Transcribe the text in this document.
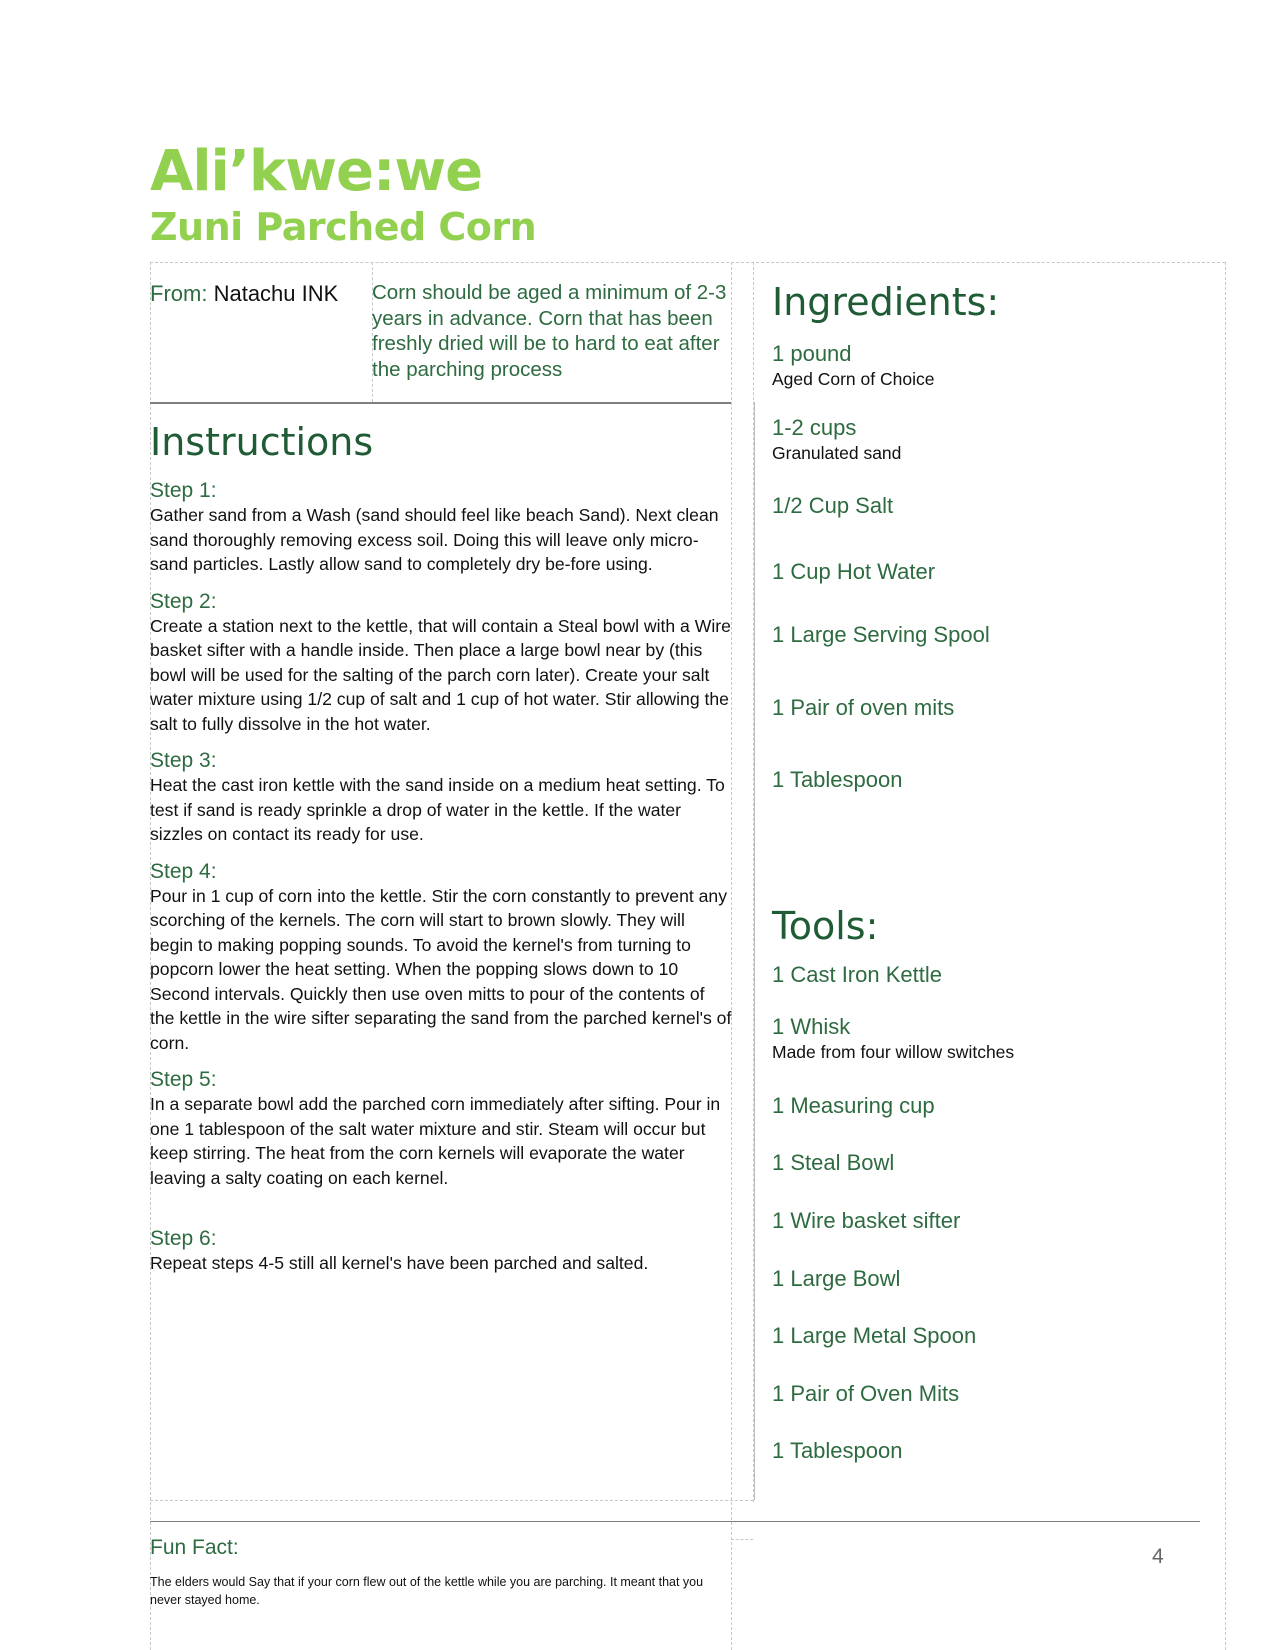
Ali’kwe:we
Zuni Parched Corn
From: Natachu INK Corn should be aged a minimum of 2-3 years in advance. Corn that has been freshly dried will be to hard to eat after the parching process
Instructions
Step 1:
Gather sand from a Wash (sand should feel like beach Sand). Next clean sand thoroughly removing excess soil. Doing this will leave only micro-sand particles. Lastly allow sand to completely dry be-fore using.
Step 2:
Create a station next to the kettle, that will contain a Steal bowl with a Wire basket sifter with a handle inside. Then place a large bowl near by (this bowl will be used for the salting of the parch corn later). Create your salt water mixture using 1/2 cup of salt and 1 cup of hot water. Stir allowing the salt to fully dissolve in the hot water.
Step 3:
Heat the cast iron kettle with the sand inside on a medium heat setting. To test if sand is ready sprinkle a drop of water in the kettle. If the water sizzles on contact its ready for use.
Step 4:
Pour in 1 cup of corn into the kettle. Stir the corn constantly to prevent any scorching of the kernels. The corn will start to brown slowly. They will begin to making popping sounds. To avoid the kernel's from turning to popcorn lower the heat setting. When the popping slows down to 10 Second intervals. Quickly then use oven mitts to pour of the contents of the kettle in the wire sifter separating the sand from the parched kernel's of corn.
Step 5:
In a separate bowl add the parched corn immediately after sifting. Pour in one 1 tablespoon of the salt water mixture and stir. Steam will occur but keep stirring. The heat from the corn kernels will evaporate the water leaving a salty coating on each kernel.
Step 6:
Repeat steps 4-5 still all kernel's have been parched and salted.
Ingredients:
1 pound
Aged Corn of Choice
1-2 cups
Granulated sand
1/2 Cup Salt
1 Cup Hot Water
1 Large Serving Spool
1 Pair of oven mits
1 Tablespoon
Tools:
1 Cast Iron Kettle
1 Whisk
Made from four willow switches
1 Measuring cup
1 Steal Bowl
1 Wire basket sifter
1 Large Bowl
1 Large Metal Spoon
1 Pair of Oven Mits
1 Tablespoon
Fun Fact:
The elders would Say that if your corn flew out of the kettle while you are parching. It meant that you never stayed home.
4
